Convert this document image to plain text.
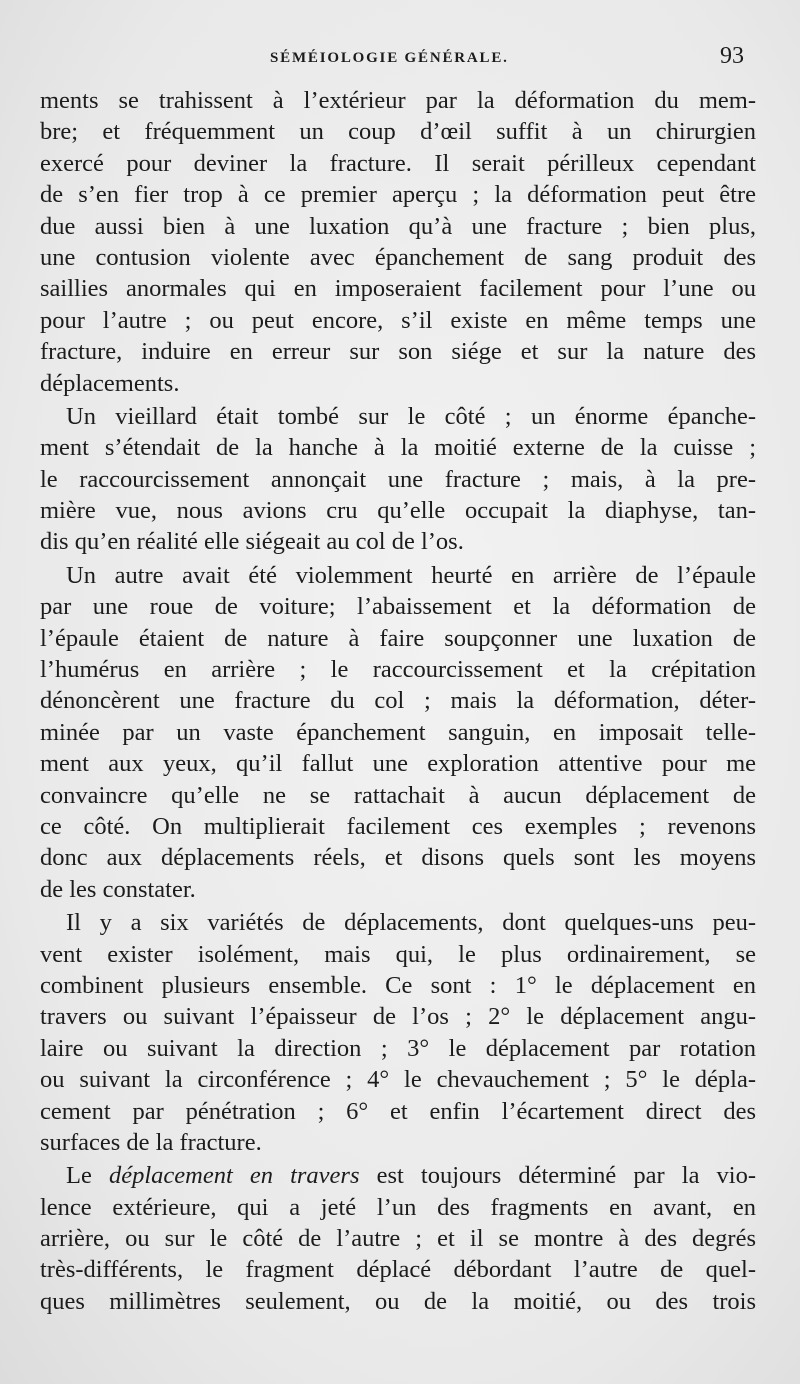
SÉMÉIOLOGIE GÉNÉRALE.	93
ments se trahissent à l’extérieur par la déformation du mem-
bre; et fréquemment un coup d’œil suffit à un chirurgien
exercé pour deviner la fracture. Il serait périlleux cependant
de s’en fier trop à ce premier aperçu ; la déformation peut être
due aussi bien à une luxation qu’à une fracture ; bien plus,
une contusion violente avec épanchement de sang produit des
saillies anormales qui en imposeraient facilement pour l’une ou
pour l’autre ; ou peut encore, s’il existe en même temps une
fracture, induire en erreur sur son siége et sur la nature des
déplacements.
Un vieillard était tombé sur le côté ; un énorme épanche-
ment s’étendait de la hanche à la moitié externe de la cuisse ;
le raccourcissement annonçait une fracture ; mais, à la pre-
mière vue, nous avions cru qu’elle occupait la diaphyse, tan-
dis qu’en réalité elle siégeait au col de l’os.
Un autre avait été violemment heurté en arrière de l’épaule
par une roue de voiture; l’abaissement et la déformation de
l’épaule étaient de nature à faire soupçonner une luxation de
l’humérus en arrière ; le raccourcissement et la crépitation
dénoncèrent une fracture du col ; mais la déformation, déter-
minée par un vaste épanchement sanguin, en imposait telle-
ment aux yeux, qu’il fallut une exploration attentive pour me
convaincre qu’elle ne se rattachait à aucun déplacement de
ce côté. On multiplierait facilement ces exemples ; revenons
donc aux déplacements réels, et disons quels sont les moyens
de les constater.
Il y a six variétés de déplacements, dont quelques-uns peu-
vent exister isolément, mais qui, le plus ordinairement, se
combinent plusieurs ensemble. Ce sont : 1° le déplacement en
travers ou suivant l’épaisseur de l’os ; 2° le déplacement angu-
laire ou suivant la direction ; 3° le déplacement par rotation
ou suivant la circonférence ; 4° le chevauchement ; 5° le dépla-
cement par pénétration ; 6° et enfin l’écartement direct des
surfaces de la fracture.
Le déplacement en travers est toujours déterminé par la vio-
lence extérieure, qui a jeté l’un des fragments en avant, en
arrière, ou sur le côté de l’autre ; et il se montre à des degrés
très-différents, le fragment déplacé débordant l’autre de quel-
ques millimètres seulement, ou de la moitié, ou des trois
